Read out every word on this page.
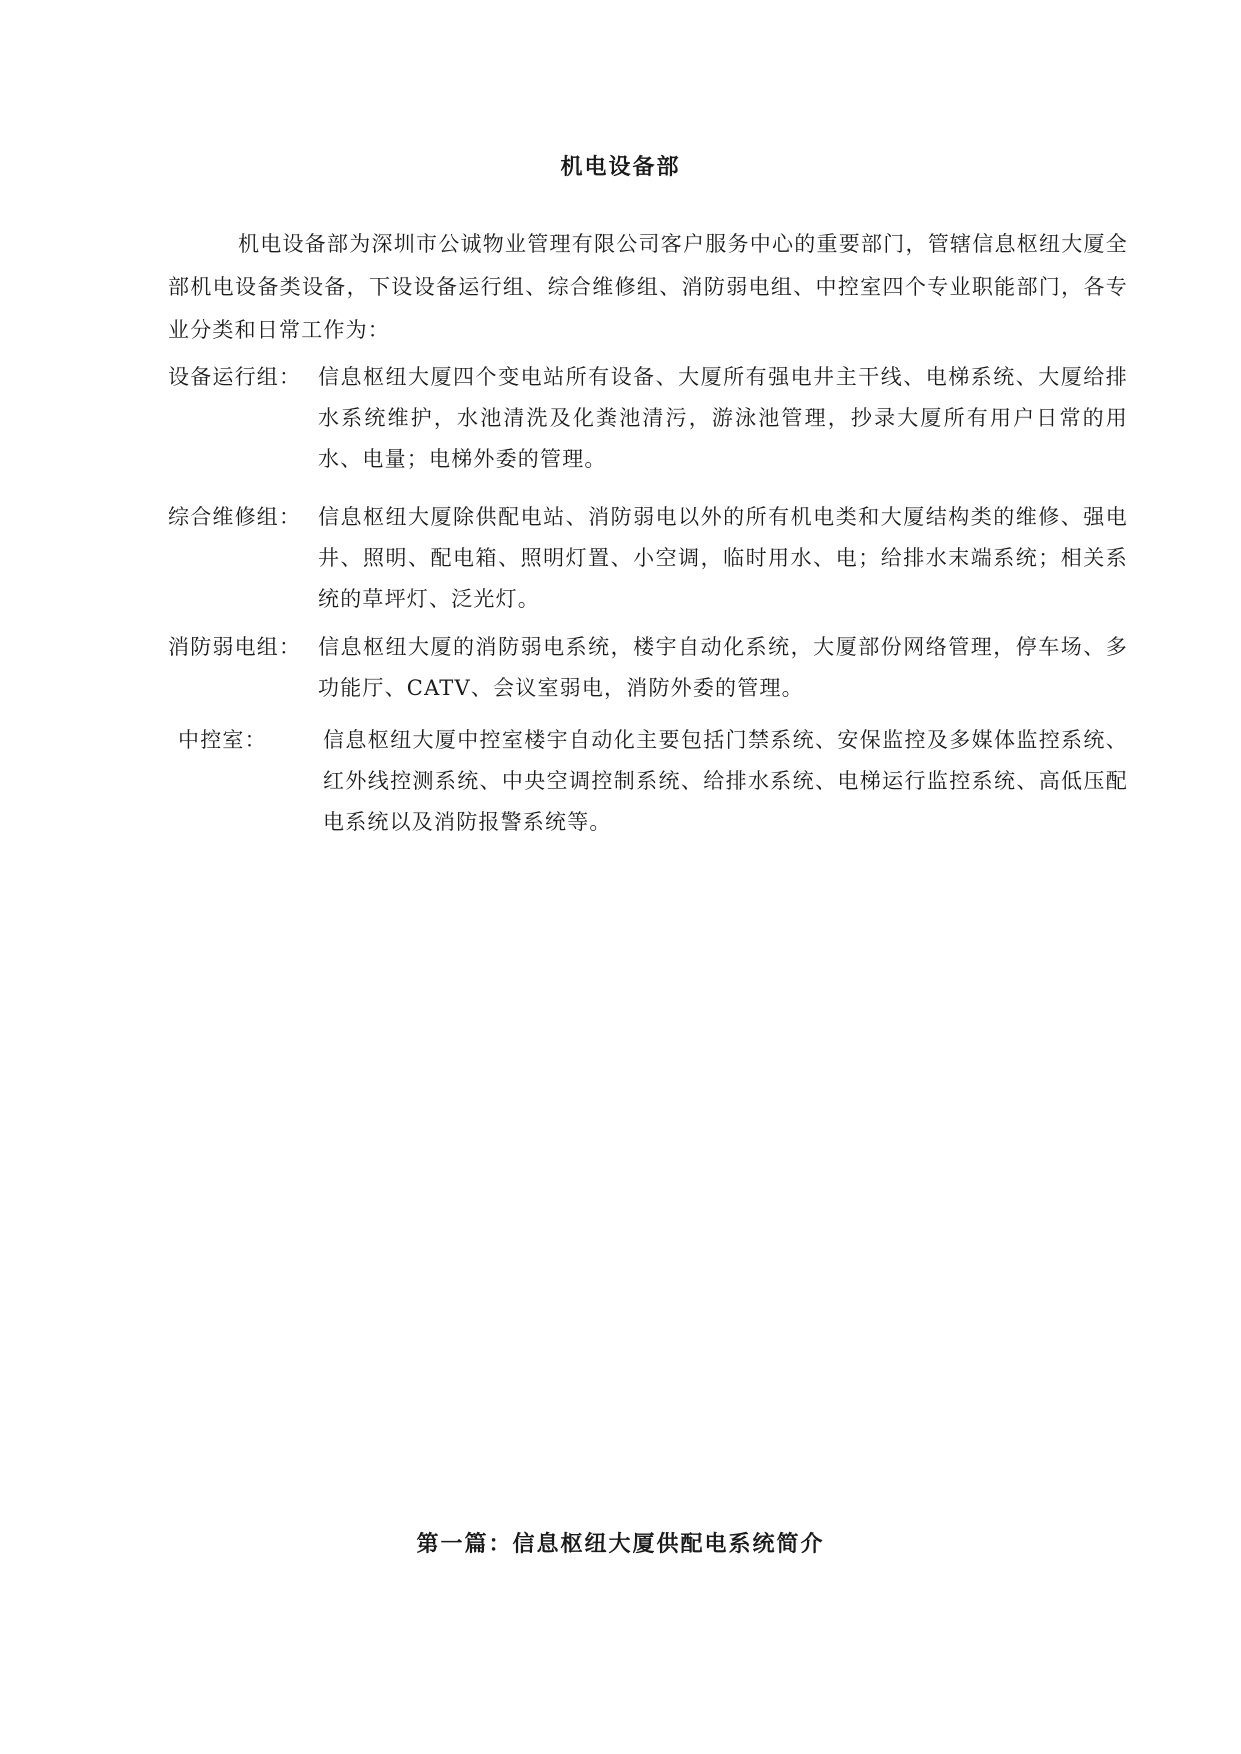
机电设备部
机电设备部为深圳市公诚物业管理有限公司客户服务中心的重要部门，管辖信息枢纽大厦全部机电设备类设备，下设设备运行组、综合维修组、消防弱电组、中控室四个专业职能部门，各专业分类和日常工作为：
设备运行组： 信息枢纽大厦四个变电站所有设备、大厦所有强电井主干线、电梯系统、大厦给排水系统维护，水池清洗及化粪池清污，游泳池管理，抄录大厦所有用户日常的用水、电量；电梯外委的管理。
综合维修组： 信息枢纽大厦除供配电站、消防弱电以外的所有机电类和大厦结构类的维修、强电井、照明、配电箱、照明灯置、小空调，临时用水、电；给排水末端系统；相关系统的草坪灯、泛光灯。
消防弱电组： 信息枢纽大厦的消防弱电系统，楼宇自动化系统，大厦部份网络管理，停车场、多功能厅、CATV、会议室弱电，消防外委的管理。
中控室：	信息枢纽大厦中控室楼宇自动化主要包括门禁系统、安保监控及多媒体监控系统、红外线控测系统、中央空调控制系统、给排水系统、电梯运行监控系统、高低压配电系统以及消防报警系统等。
第一篇：信息枢纽大厦供配电系统简介
